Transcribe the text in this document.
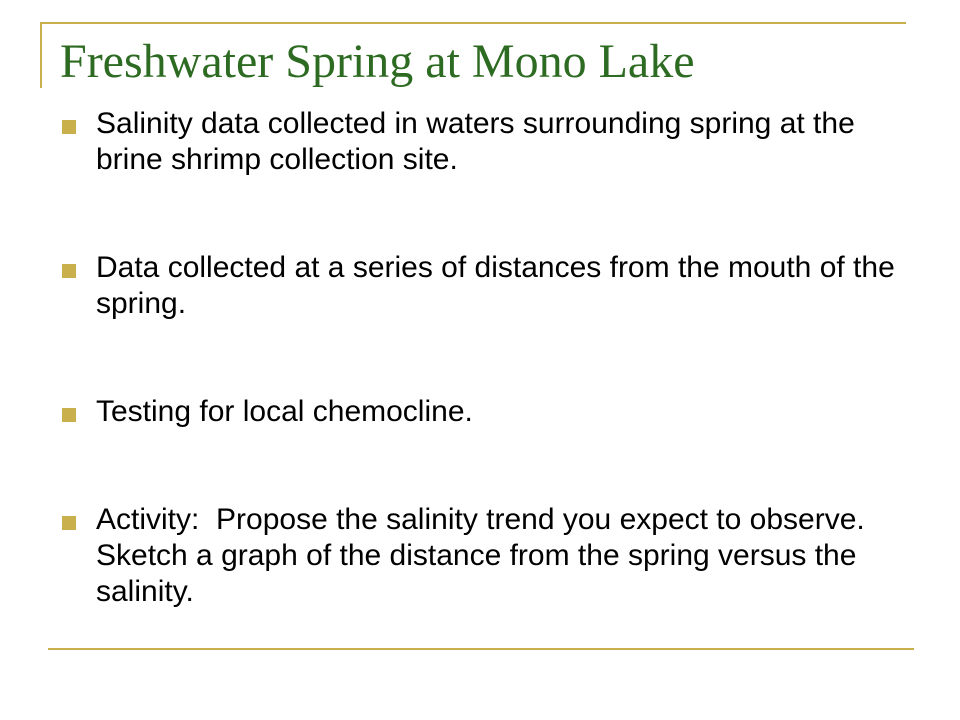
Freshwater Spring at Mono Lake
Salinity data collected in waters surrounding spring at the brine shrimp collection site.
Data collected at a series of distances from the mouth of the spring.
Testing for local chemocline.
Activity:  Propose the salinity trend you expect to observe.  Sketch a graph of the distance from the spring versus the salinity.
